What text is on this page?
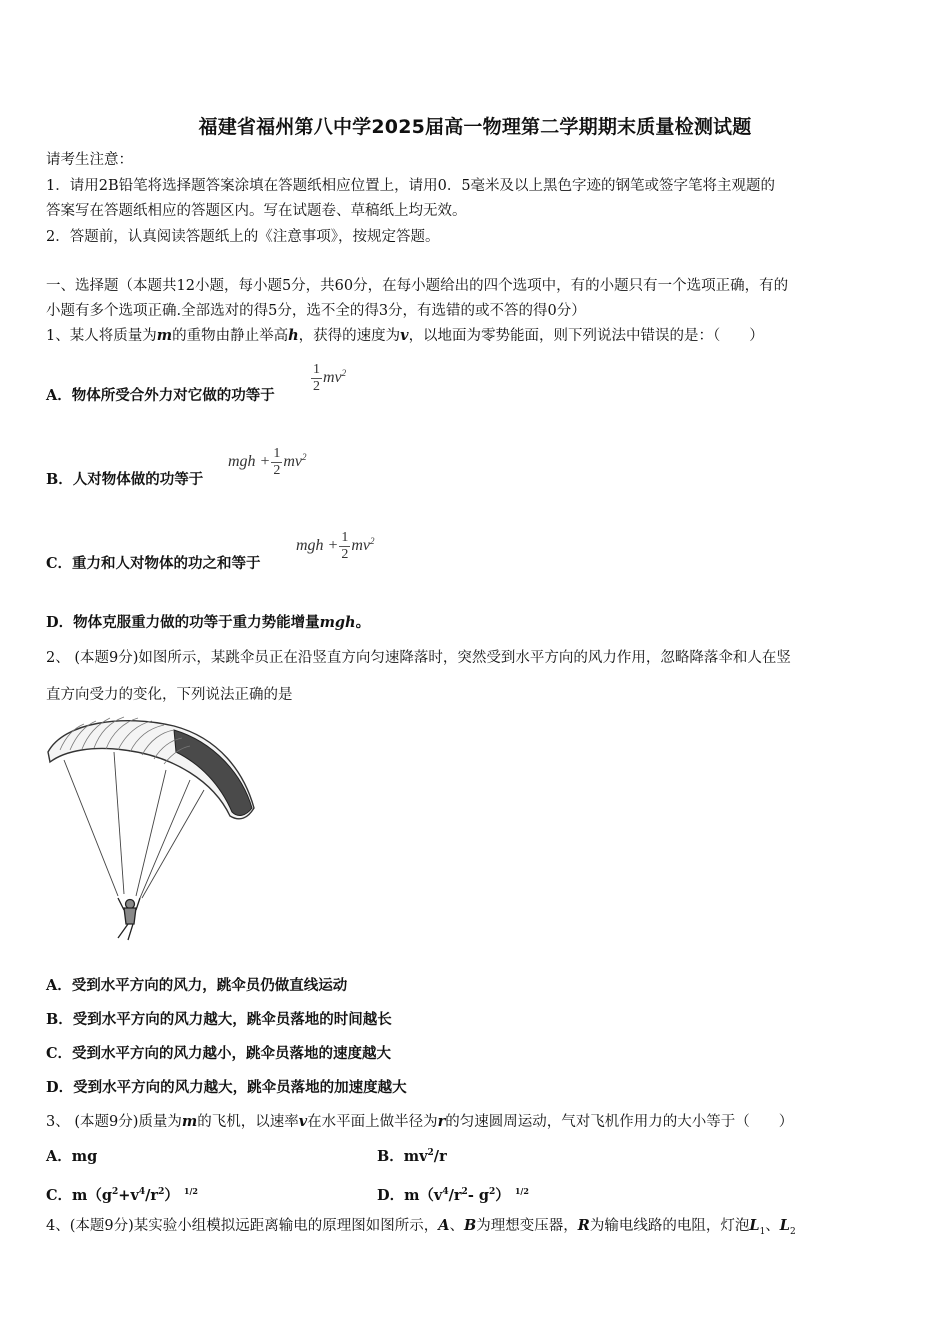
福建省福州第八中学2025届高一物理第二学期期末质量检测试题
请考生注意：
1．请用2B铅笔将选择题答案涂填在答题纸相应位置上，请用0．5毫米及以上黑色字迹的钢笔或签字笔将主观题的
答案写在答题纸相应的答题区内。写在试题卷、草稿纸上均无效。
2．答题前，认真阅读答题纸上的《注意事项》，按规定答题。
一、选择题（本题共12小题，每小题5分，共60分，在每小题给出的四个选项中，有的小题只有一个选项正确，有的
小题有多个选项正确.全部选对的得5分，选不全的得3分，有选错的或不答的得0分）
1、某人将质量为m的重物由静止举高h，获得的速度为v，以地面为零势能面，则下列说法中错误的是：（　　）
A．物体所受合外力对它做的功等于
$\frac{1}{2} mv^2$
B．人对物体做的功等于
mgh + $\frac{1}{2} mv^2$
C．重力和人对物体的功之和等于
mgh + $\frac{1}{2} mv^2$
D．物体克服重力做的功等于重力势能增量mgh。
2、 (本题9分)如图所示，某跳伞员正在沿竖直方向匀速降落时，突然受到水平方向的风力作用，忽略降落伞和人在竖
直方向受力的变化，下列说法正确的是
A．受到水平方向的风力，跳伞员仍做直线运动
B．受到水平方向的风力越大，跳伞员落地的时间越长
C．受到水平方向的风力越小，跳伞员落地的速度越大
D．受到水平方向的风力越大，跳伞员落地的加速度越大
3、 (本题9分)质量为m的飞机，以速率v在水平面上做半径为r的匀速圆周运动，气对飞机作用力的大小等于（　　）
A．mg	B．$mv^2/r$
C．$m(g^2+v^4/r^2)$ $^{1/2}$	D．$m(v^4/r^2-$ $g^2$） $^{1/2}$
4、(本题9分)某实验小组模拟远距离输电的原理图如图所示，A、B为理想变压器，R为输电线路的电阻，灯泡$L_1$、$L_2$
